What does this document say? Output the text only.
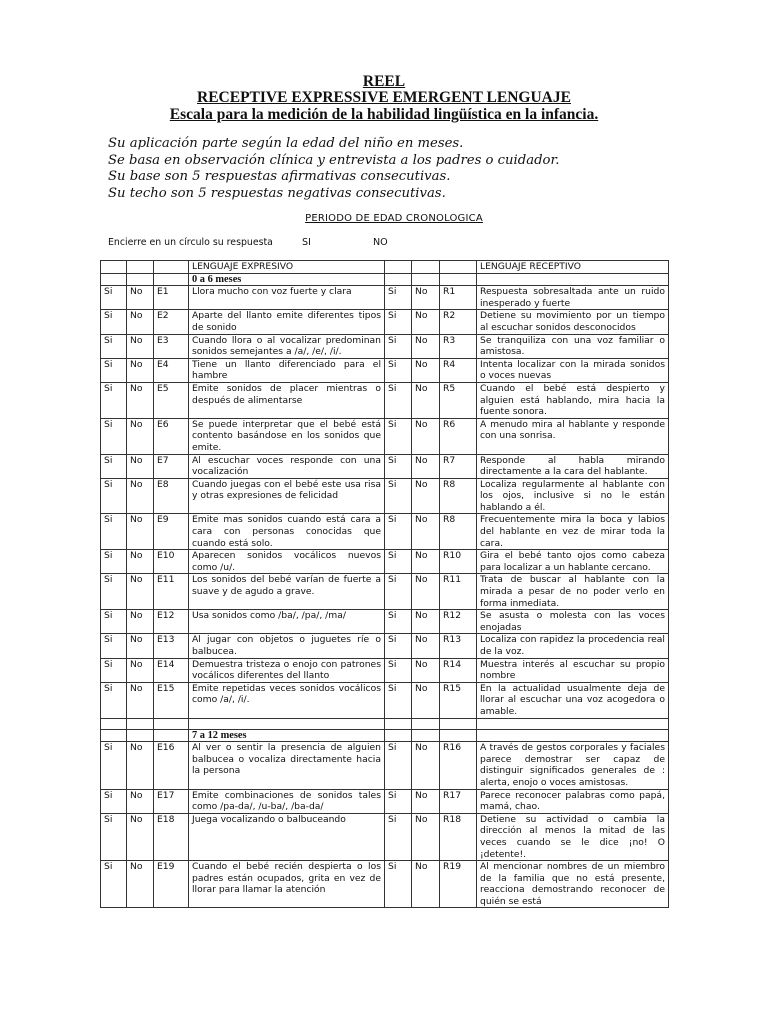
REEL
RECEPTIVE EXPRESSIVE EMERGENT LENGUAJE
Escala para la medición de la habilidad lingüística en la infancia.
Su aplicación parte según la edad del niño en meses.
Se basa en observación clínica y entrevista a los padres o cuidador.
Su base son 5 respuestas afirmativas consecutivas.
Su techo son 5 respuestas negativas consecutivas.
PERIODO DE EDAD CRONOLOGICA
Encierre en un círculo su respuesta	SI	NO
			LENGUAJE EXPRESIVO				LENGUAJE RECEPTIVO
			0 a 6 meses				
Si	No	E1	Llora mucho con voz fuerte y clara	Si	No	R1	Respuesta sobresaltada ante un ruido inesperado y fuerte
Si	No	E2	Aparte del llanto emite diferentes tipos de sonido	Si	No	R2	Detiene su movimiento por un tiempo al escuchar sonidos desconocidos
Si	No	E3	Cuando llora o al vocalizar predominan sonidos semejantes a /a/, /e/, /i/.	Si	No	R3	Se tranquiliza con una voz familiar o amistosa.
Si	No	E4	Tiene un llanto diferenciado para el hambre	Si	No	R4	Intenta localizar con la mirada sonidos o voces nuevas
Si	No	E5	Emite sonidos de placer mientras o después de alimentarse	Si	No	R5	Cuando el bebé está despierto y alguien está hablando, mira hacia la fuente sonora.
Si	No	E6	Se puede interpretar que el bebé está contento basándose en los sonidos que emite.	Si	No	R6	A menudo mira al hablante y responde con una sonrisa.
Si	No	E7	Al escuchar voces responde con una vocalización	Si	No	R7	Responde al habla mirando directamente a la cara del hablante.
Si	No	E8	Cuando juegas con el bebé este usa risa y otras expresiones de felicidad	Si	No	R8	Localiza regularmente al hablante con los ojos, inclusive si no le están hablando a él.
Si	No	E9	Emite mas sonidos cuando está cara a cara con personas conocidas que cuando está solo.	Si	No	R8	Frecuentemente mira la boca y labios del hablante en vez de mirar toda la cara.
Si	No	E10	Aparecen sonidos vocálicos nuevos como /u/.	Si	No	R10	Gira el bebé tanto ojos como cabeza para localizar a un hablante cercano.
Si	No	E11	Los sonidos del bebé varían de fuerte a suave y de agudo a grave.	Si	No	R11	Trata de buscar al hablante con la mirada a pesar de no poder verlo en forma inmediata.
Si	No	E12	Usa sonidos como /ba/, /pa/, /ma/	Si	No	R12	Se asusta o molesta con las voces enojadas
Si	No	E13	Al jugar con objetos o juguetes ríe o balbucea.	Si	No	R13	Localiza con rapidez la procedencia real de la voz.
Si	No	E14	Demuestra tristeza o enojo con patrones vocálicos diferentes del llanto	Si	No	R14	Muestra interés al escuchar su propio nombre
Si	No	E15	Emite repetidas veces sonidos vocálicos como /a/, /i/.	Si	No	R15	En la actualidad usualmente deja de llorar al escuchar una voz acogedora o amable.

			7 a 12 meses				
Si	No	E16	Al ver o sentir la presencia de alguien balbucea o vocaliza directamente hacia la persona	Si	No	R16	A través de gestos corporales y faciales parece demostrar ser capaz de distinguir significados generales de : alerta, enojo o voces amistosas.
Si	No	E17	Emite combinaciones de sonidos tales como /pa-da/, /u-ba/, /ba-da/	Si	No	R17	Parece reconocer palabras como papá, mamá, chao.
Si	No	E18	Juega vocalizando o balbuceando	Si	No	R18	Detiene su actividad o cambia la dirección al menos la mitad de las veces cuando se le dice ¡no! O ¡detente!.
Si	No	E19	Cuando el bebé recién despierta o los padres están ocupados, grita en vez de llorar para llamar la atención	Si	No	R19	Al mencionar nombres de un miembro de la familia que no está presente, reacciona demostrando reconocer de quién se está
